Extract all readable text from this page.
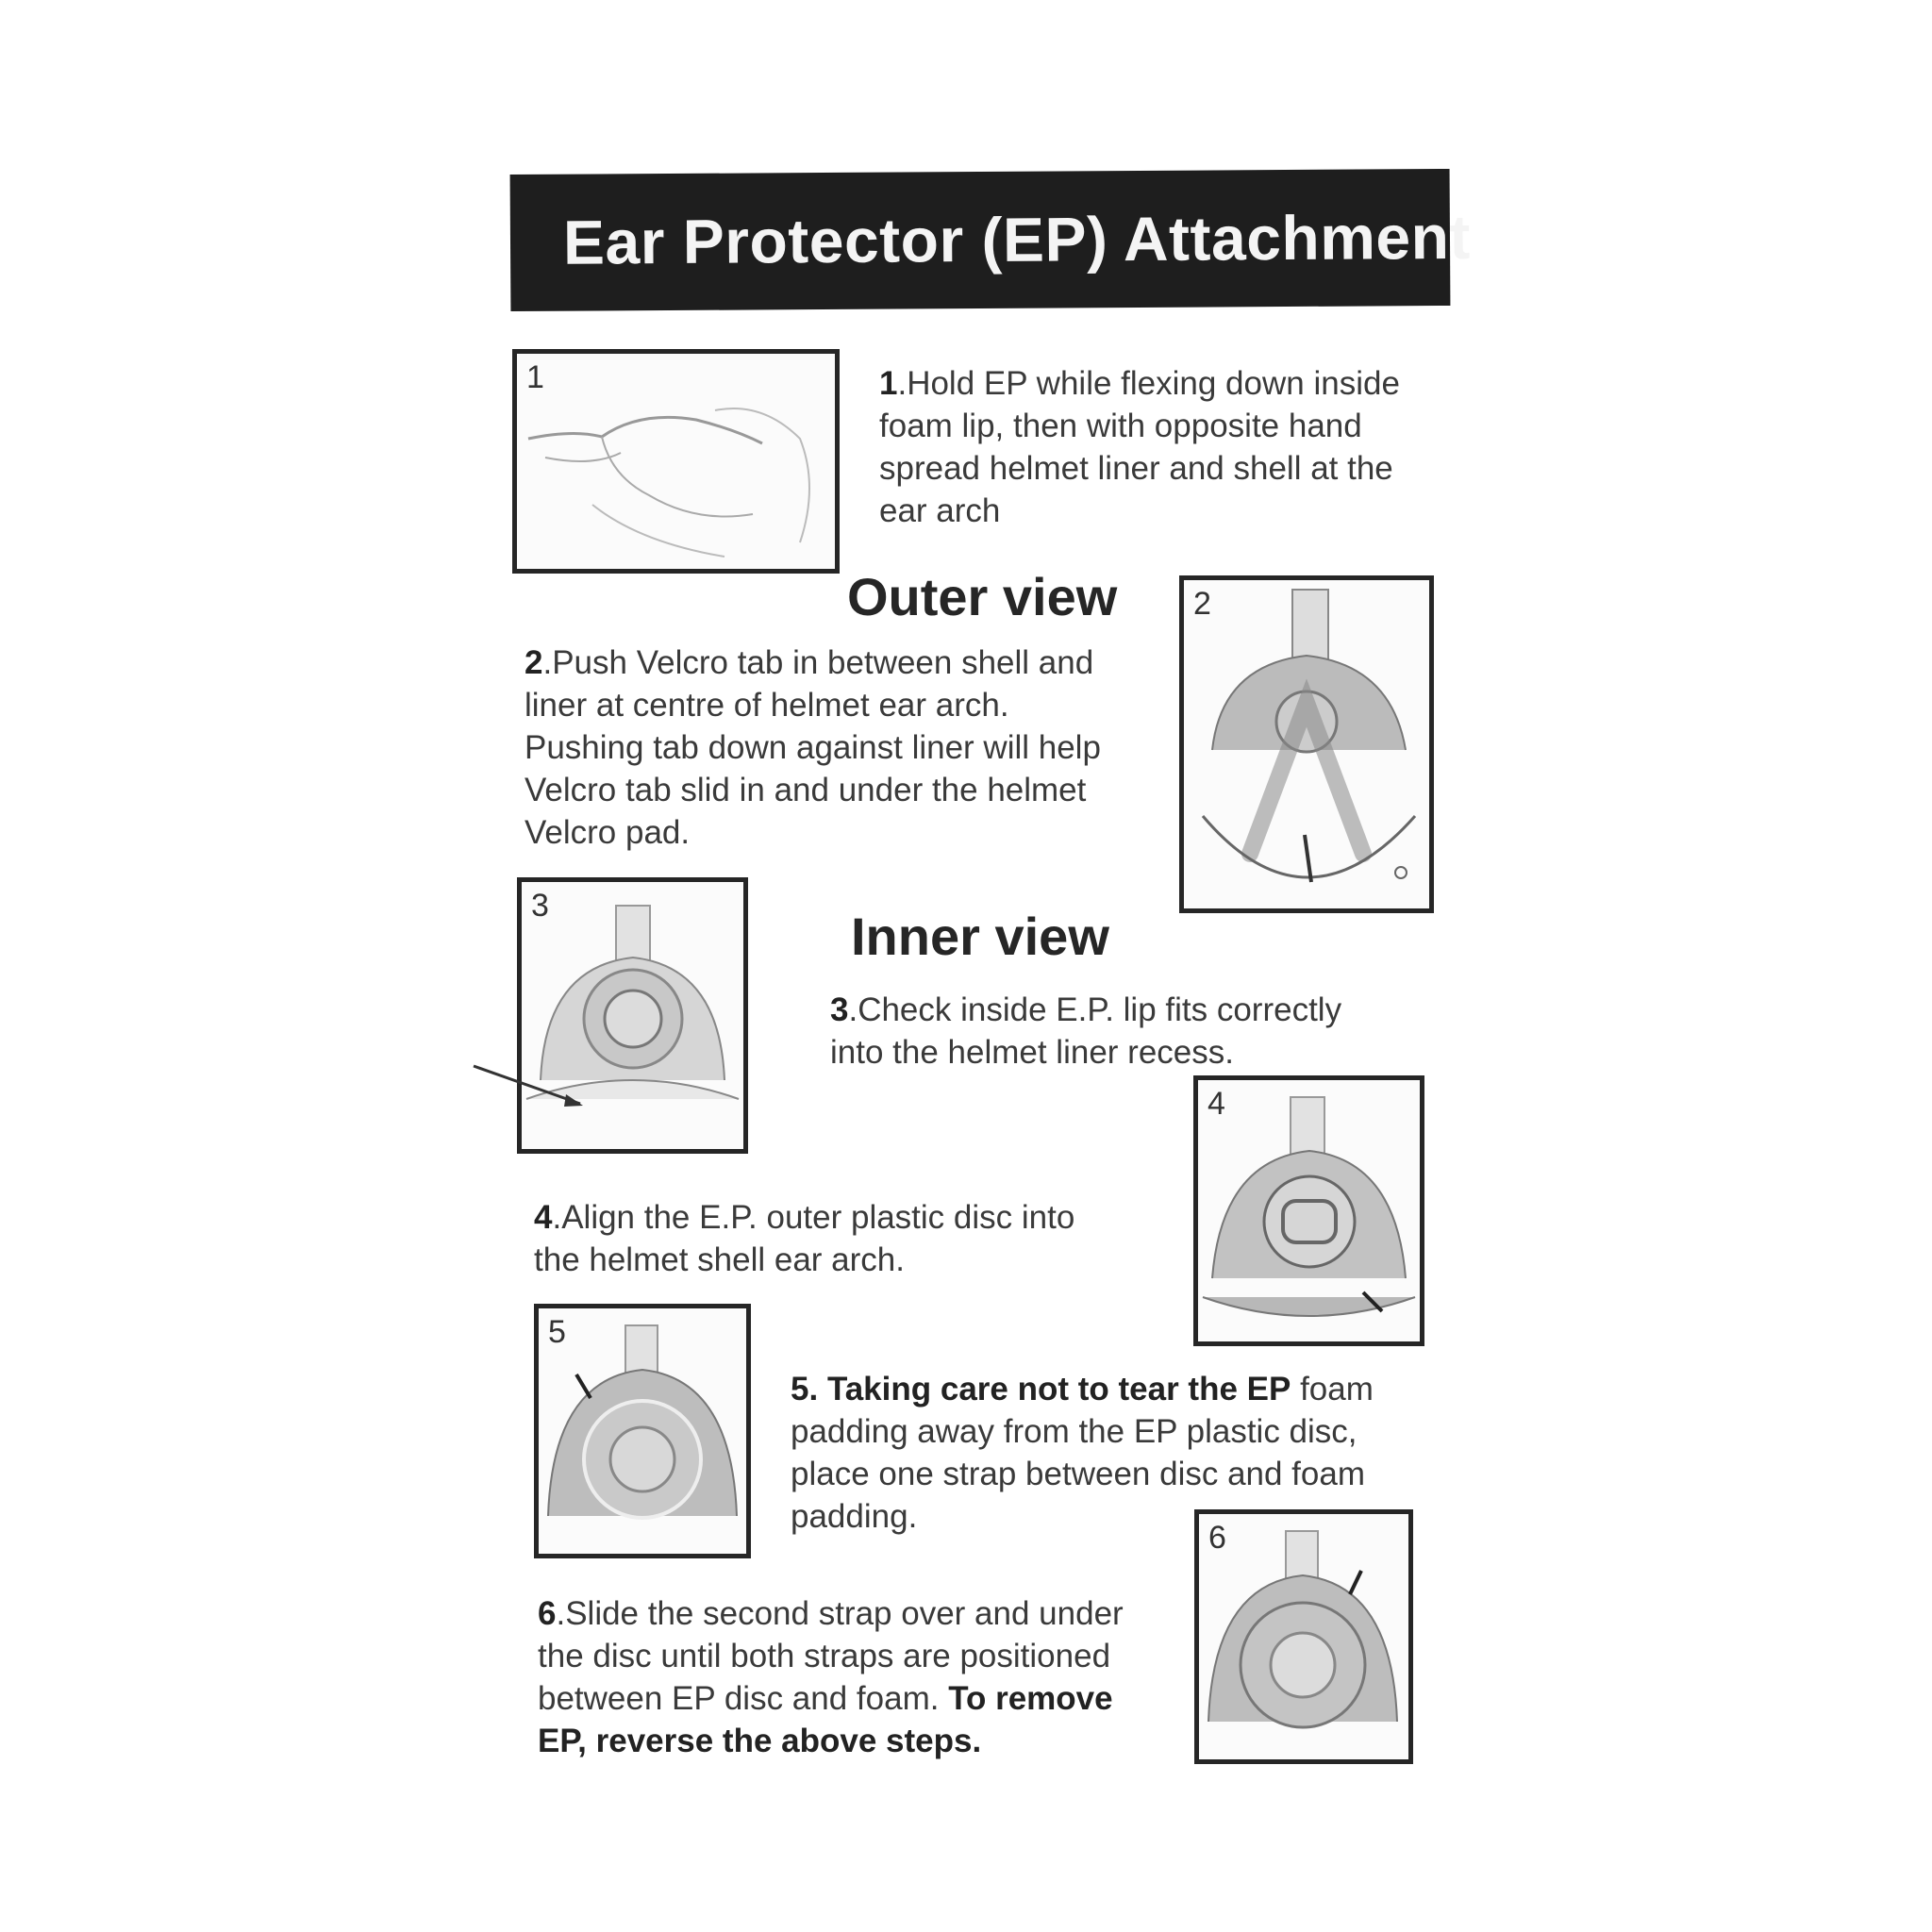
Ear Protector (EP) Attachment
1	1.Hold EP while flexing down inside foam lip, then with opposite hand spread helmet liner and shell at the ear arch
Outer view 2
2.Push Velcro tab in between shell and liner at centre of helmet ear arch. Pushing tab down against liner will help Velcro tab slid in and under the helmet Velcro pad.
3
Inner view
3.Check inside E.P. lip fits correctly into the helmet liner recess.
4
4.Align the E.P. outer plastic disc into the helmet shell ear arch.
5
5. Taking care not to tear the EP foam padding away from the EP plastic disc, place one strap between disc and foam padding.
6
6.Slide the second strap over and under the disc until both straps are positioned between EP disc and foam. To remove EP, reverse the above steps.
